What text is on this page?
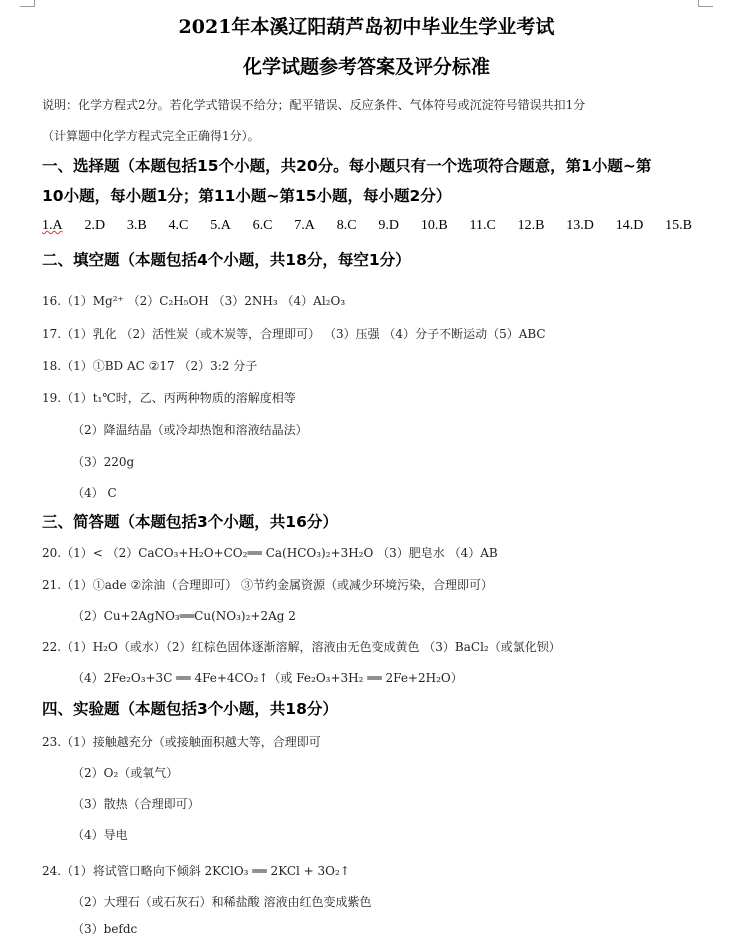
2021年本溪辽阳葫芦岛初中毕业生学业考试
化学试题参考答案及评分标准
说明：化学方程式2分。若化学式错误不给分；配平错误、反应条件、气体符号或沉淀符号错误共扣1分
（计算题中化学方程式完全正确得1分）。
一、选择题（本题包括15个小题，共20分。每小题只有一个选项符合题意，第1小题~第
10小题，每小题1分；第11小题~第15小题，每小题2分）
1.A 2.D 3.B 4.C 5.A 6.C 7.A 8.C 9.D 10.B 11.C 12.B 13.D 14.D 15.B
二、填空题（本题包括4个小题，共18分，每空1分）
16.（1）Mg²⁺ （2）C₂H₅OH （3）2NH₃ （4）Al₂O₃
17.（1）乳化 （2）活性炭（或木炭等，合理即可） （3）压强 （4）分子不断运动（5）ABC
18.（1）①BD AC ②17 （2）3:2 分子
19.（1）t₁℃时，乙、丙两种物质的溶解度相等
（2）降温结晶（或冷却热饱和溶液结晶法）
（3）220g
（4） C
三、简答题（本题包括3个小题，共16分）
20.（1）< （2）CaCO₃+H₂O+CO₂══ Ca(HCO₃)₂+3H₂O （3）肥皂水 （4）AB
21.（1）①ade ②涂油（合理即可） ③节约金属资源（或减少环境污染，合理即可）
（2）Cu+2AgNO₃══Cu(NO₃)₂+2Ag 2
22.（1）H₂O（或水）（2）红棕色固体逐渐溶解，溶液由无色变成黄色 （3）BaCl₂（或氯化钡）
（4）2Fe₂O₃+3C ══ 4Fe+4CO₂↑（或 Fe₂O₃+3H₂ ══ 2Fe+2H₂O）
四、实验题（本题包括3个小题，共18分）
23.（1）接触越充分（或接触面积越大等，合理即可
（2）O₂（或氧气）
（3）散热（合理即可）
（4）导电
24.（1）将试管口略向下倾斜 2KClO₃ ══ 2KCl + 3O₂↑
（2）大理石（或石灰石）和稀盐酸 溶液由红色变成紫色
（3）befdc
